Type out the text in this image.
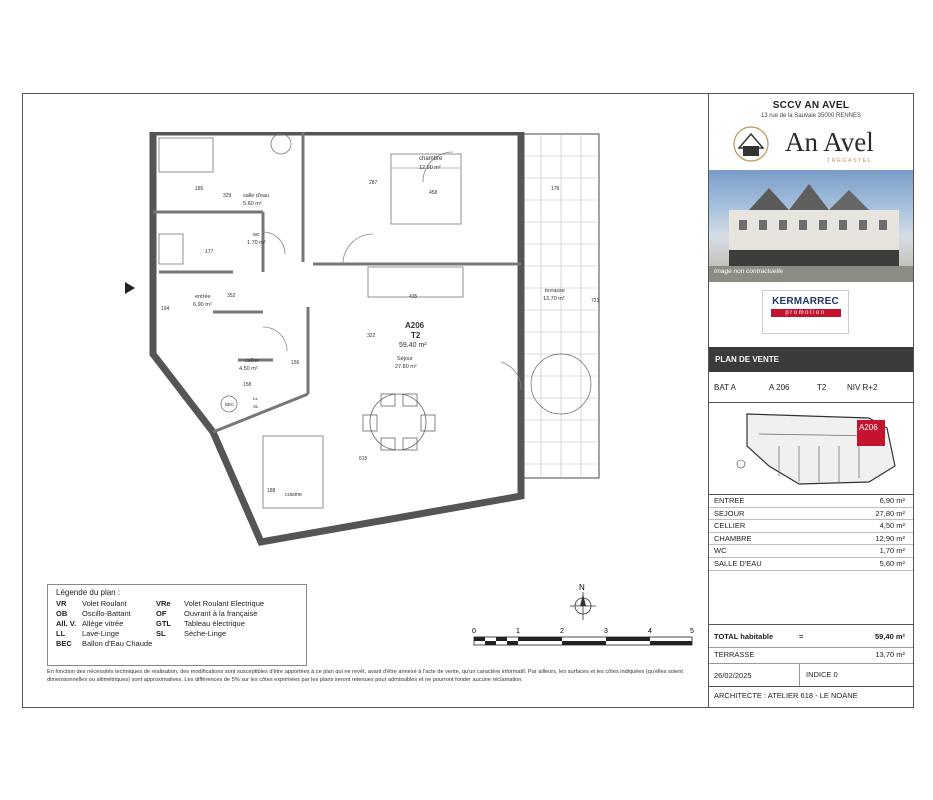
chambre
12.90 m²
salle d'eau
5.60 m²
wc
1.70 m²
entrée
6.90 m²
cellier
4.50 m²
Séjour
27.80 m²
terrasse
13.70 m²
cuisine
A206
T2
59.40 m²
287
458
178
185
329
177
352
194
435
322
721
158
156
615
188
BEC
LL
SL
Légende du plan :
VR	Volet Roulant	VRe	Volet Roulant Electrique
OB	Oscillo-Battant	OF	Ouvrant à la française
All. V. Allège vitrée	GTL	Tableau électrique
LL	Lave-Linge	SL	Sèche-Linge
BEC	Ballon d'Eau Chaude
En fonction des nécessités techniques de réalisation, des modifications sont susceptibles d'être apportées à ce plan qui ne revêt, avant d'être annexé à l'acte de vente, qu'un caractère informatif. Par ailleurs, les surfaces et les côtes indiquées (qu'elles soient dimensionnelles ou altimétriques) sont approximatives. Les différences de 5% sur les côtes exprimées par les plans seront retenues pour admissibles et ne pourront fonder aucune réclamation.
N
0	1	2	3	4	5
SCCV AN AVEL
13 rue de la Sauvaie 35000 RENNES
An Avel
TRÉGASTEL
image non contractuelle
KERMARREC
promotion
PLAN DE VENTE
BAT A	A 206	T2	NIV R+2
A206
ENTREE	6,90 m²
SEJOUR	27,80 m²
CELLIER	4,50 m²
CHAMBRE	12,90 m²
WC	1,70 m²
SALLE D'EAU	5,60 m²
TOTAL habitable	=	59,40 m²
TERRASSE	13,70 m²
26/02/2025	INDICE 0
ARCHITECTE : ATELIER 618 - LE NOANE
